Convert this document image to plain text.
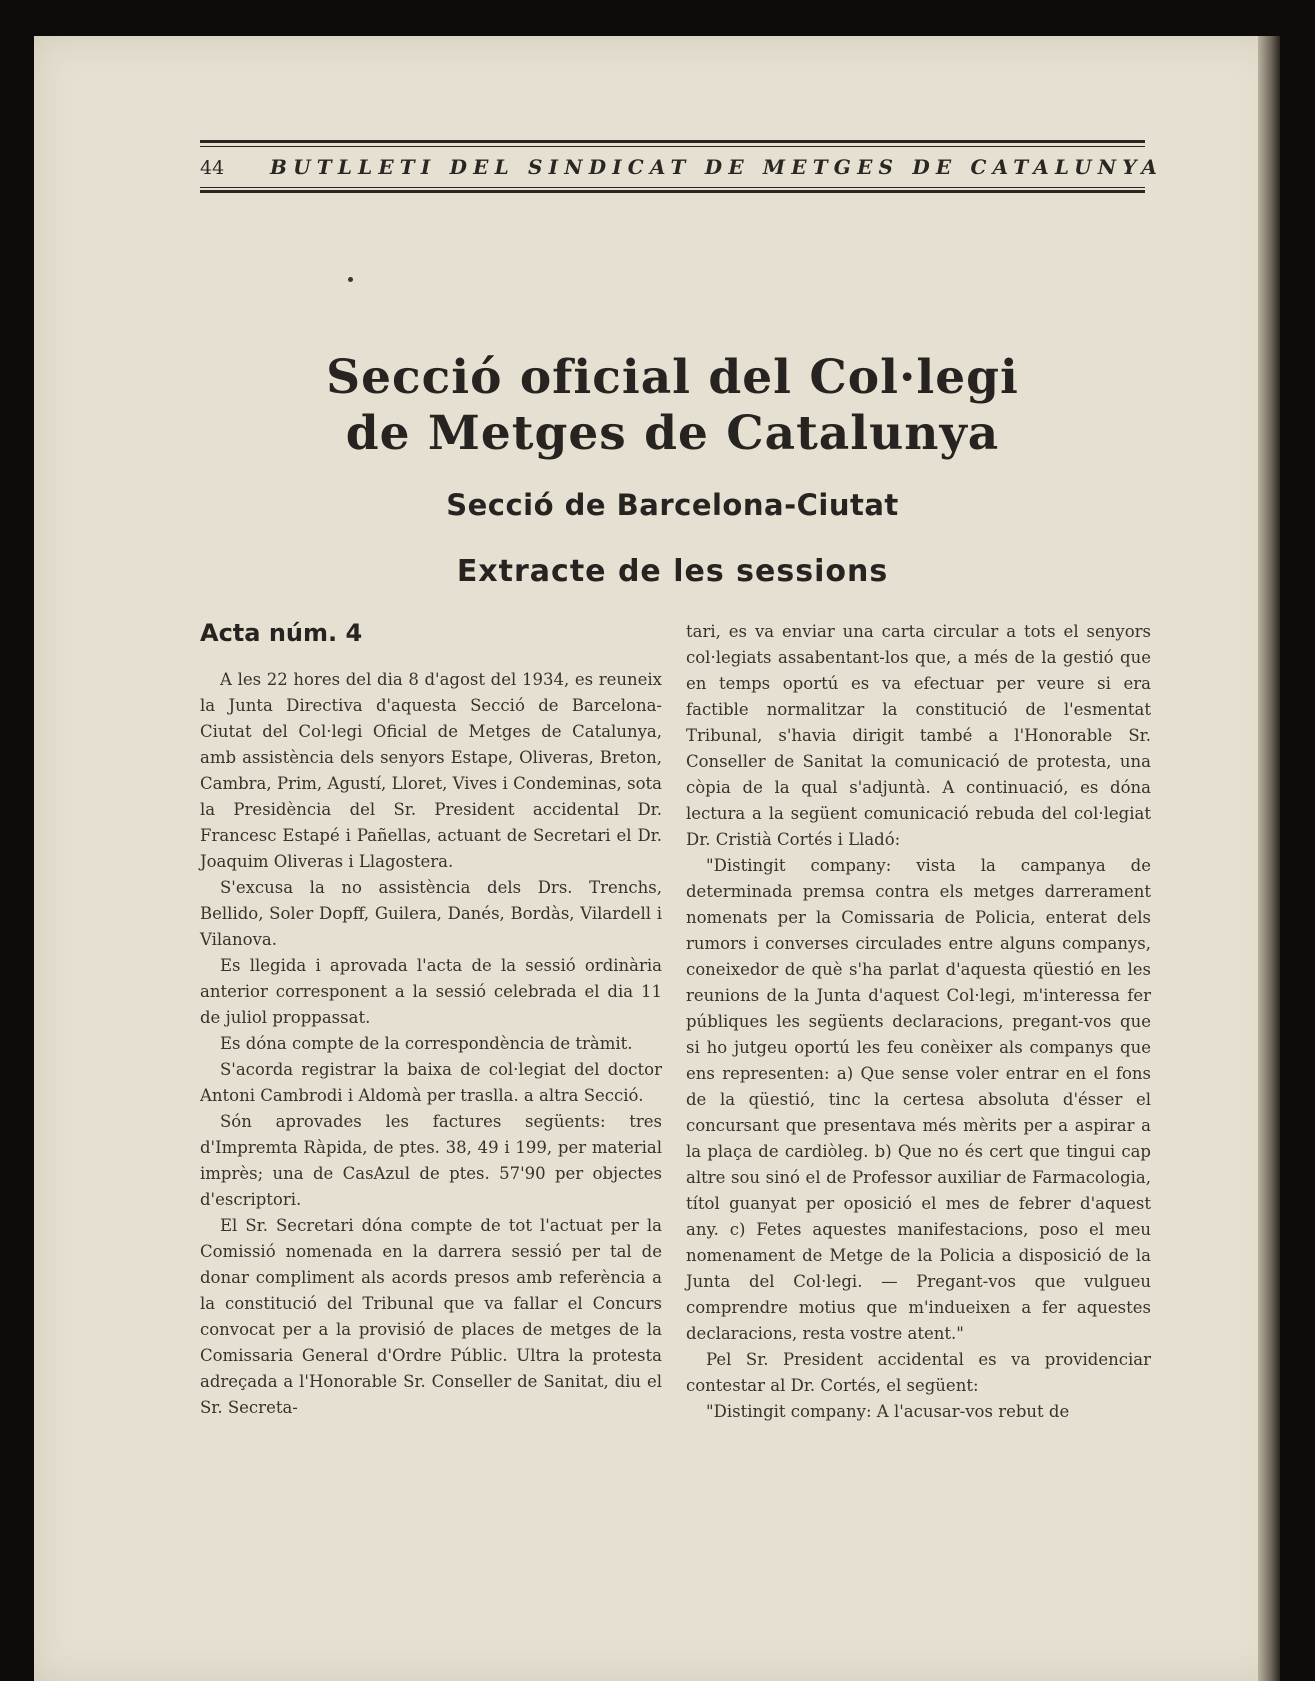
44 BUTLLETI DEL SINDICAT DE METGES DE CATALUNYA
Secció oficial del Col·legi
de Metges de Catalunya
Secció de Barcelona-Ciutat
Extracte de les sessions
Acta núm. 4

A les 22 hores del dia 8 d'agost del 1934, es reuneix la Junta Directiva d'aquesta Secció de Barcelona-Ciutat del Col·legi Oficial de Metges de Catalunya, amb assistència dels senyors Estape, Oliveras, Breton, Cambra, Prim, Agustí, Lloret, Vives i Condeminas, sota la Presidència del Sr. President accidental Dr. Francesc Estapé i Pañellas, actuant de Secretari el Dr. Joaquim Oliveras i Llagostera.

S'excusa la no assistència dels Drs. Trenchs, Bellido, Soler Dopff, Guilera, Danés, Bordàs, Vilardell i Vilanova.

Es llegida i aprovada l'acta de la sessió ordinària anterior corresponent a la sessió celebrada el dia 11 de juliol proppassat.

Es dóna compte de la correspondència de tràmit.

S'acorda registrar la baixa de col·legiat del doctor Antoni Cambrodi i Aldomà per traslla. a altra Secció.

Són aprovades les factures següents: tres d'Impremta Ràpida, de ptes. 38, 49 i 199, per material imprès; una de CasAzul de ptes. 57'90 per objectes d'escriptori.

El Sr. Secretari dóna compte de tot l'actuat per la Comissió nomenada en la darrera sessió per tal de donar compliment als acords presos amb referència a la constitució del Tribunal que va fallar el Concurs convocat per a la provisió de places de metges de la Comissaria General d'Ordre Públic. Ultra la protesta adreçada a l'Honorable Sr. Conseller de Sanitat, diu el Sr. Secreta-

tari, es va enviar una carta circular a tots el senyors col·legiats assabentant-los que, a més de la gestió que en temps oportú es va efectuar per veure si era factible normalitzar la constitució de l'esmentat Tribunal, s'havia dirigit també a l'Honorable Sr. Conseller de Sanitat la comunicació de protesta, una còpia de la qual s'adjuntà. A continuació, es dóna lectura a la següent comunicació rebuda del col·legiat Dr. Cristià Cortés i Lladó:

"Distingit company: vista la campanya de determinada premsa contra els metges darrerament nomenats per la Comissaria de Policia, enterat dels rumors i converses circulades entre alguns companys, coneixedor de què s'ha parlat d'aquesta qüestió en les reunions de la Junta d'aquest Col·legi, m'interessa fer públiques les següents declaracions, pregant-vos que si ho jutgeu oportú les feu conèixer als companys que ens representen: a) Que sense voler entrar en el fons de la qüestió, tinc la certesa absoluta d'ésser el concursant que presentava més mèrits per a aspirar a la plaça de cardiòleg. b) Que no és cert que tingui cap altre sou sinó el de Professor auxiliar de Farmacologia, títol guanyat per oposició el mes de febrer d'aquest any. c) Fetes aquestes manifestacions, poso el meu nomenament de Metge de la Policia a disposició de la Junta del Col·legi. — Pregant-vos que vulgueu comprendre motius que m'indueixen a fer aquestes declaracions, resta vostre atent."

Pel Sr. President accidental es va providenciar contestar al Dr. Cortés, el següent:

"Distingit company: A l'acusar-vos rebut de
